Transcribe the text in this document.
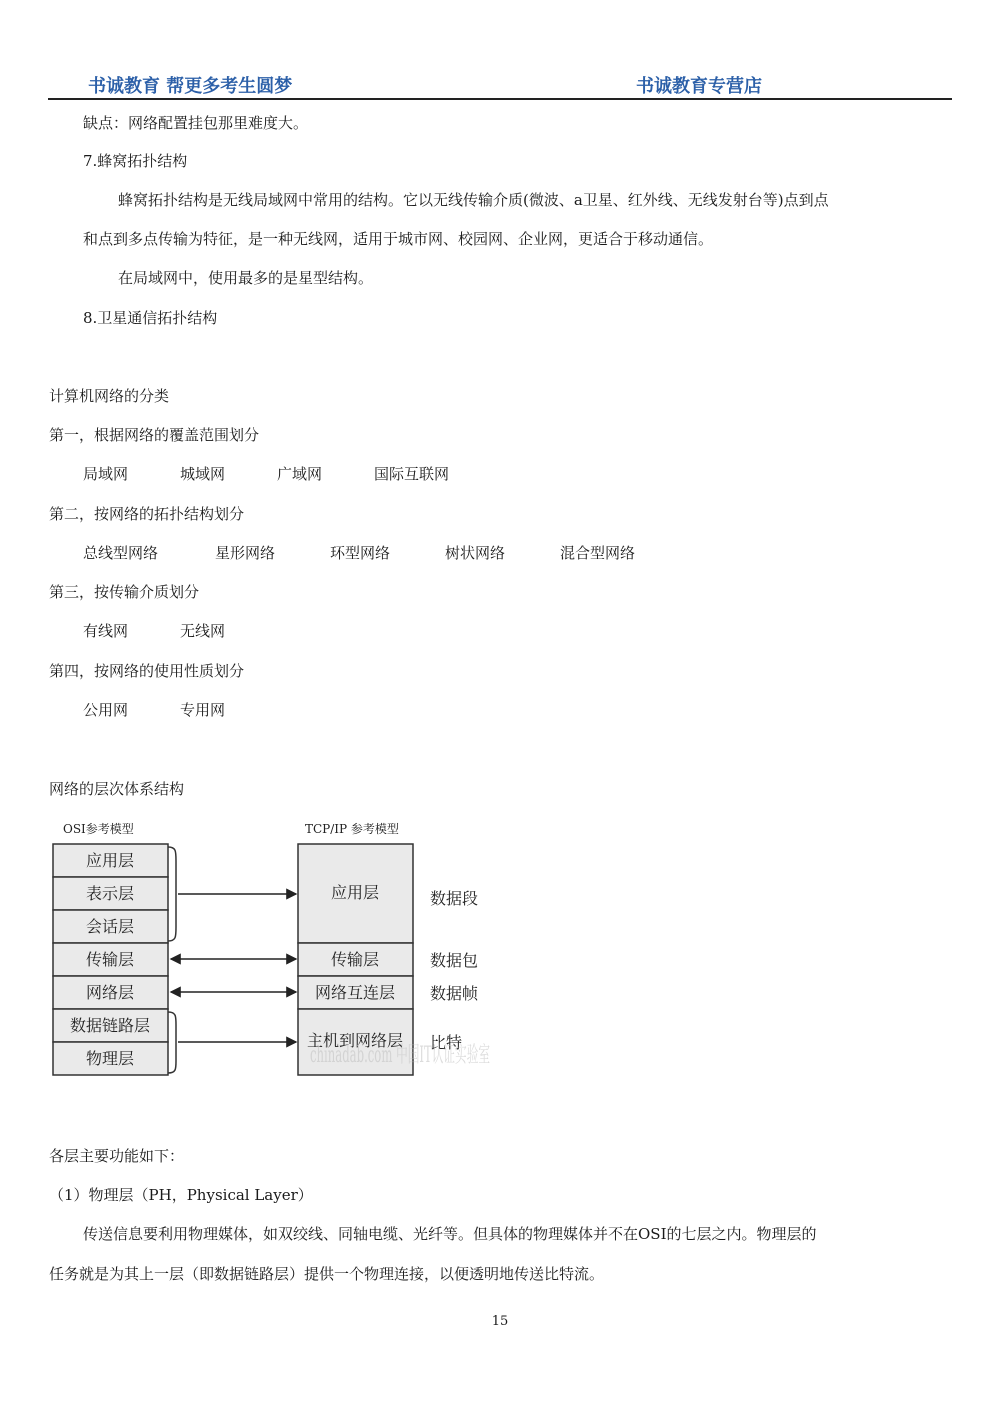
书诚教育 帮更多考生圆梦	书诚教育专营店
缺点：网络配置挂包那里难度大。
7.蜂窝拓扑结构
蜂窝拓扑结构是无线局域网中常用的结构。它以无线传输介质(微波、a卫星、红外线、无线发射台等)点到点
和点到多点传输为特征，是一种无线网，适用于城市网、校园网、企业网，更适合于移动通信。
在局域网中，使用最多的是星型结构。
8.卫星通信拓扑结构
计算机网络的分类
第一，根据网络的覆盖范围划分
局域网	城域网	广域网	国际互联网
第二，按网络的拓扑结构划分
总线型网络	星形网络	环型网络	树状网络	混合型网络
第三，按传输介质划分
有线网	无线网
第四，按网络的使用性质划分
公用网	专用网
网络的层次体系结构
OSI参考模型	TCP/IP 参考模型
应用层
表示层
会话层
传输层
网络层
数据链路层
物理层
应用层
传输层
网络互连层
主机到网络层
数据段
数据包
数据帧
比特
chinadab.com 中国IT认证实验室
各层主要功能如下：
（1）物理层（PH，Physical Layer）
传送信息要利用物理媒体，如双绞线、同轴电缆、光纤等。但具体的物理媒体并不在OSI的七层之内。物理层的
任务就是为其上一层（即数据链路层）提供一个物理连接，以便透明地传送比特流。
15
